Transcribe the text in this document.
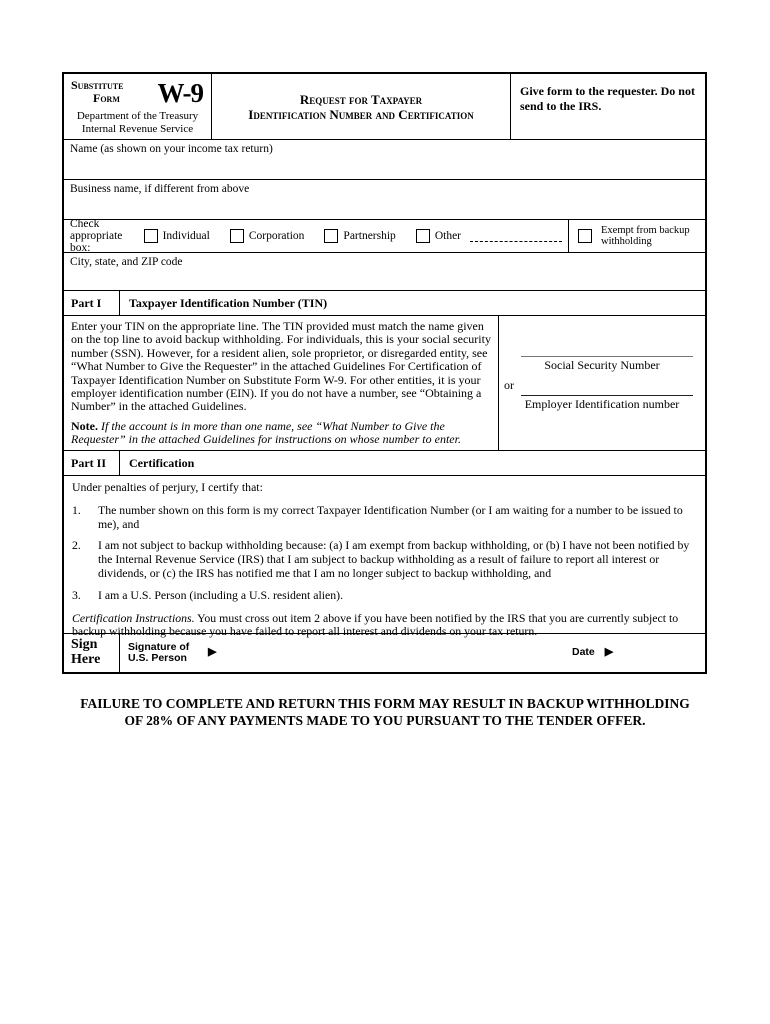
Substitute
Form	W-9
Department of the Treasury
Internal Revenue Service
Request for Taxpayer
Identification Number and Certification
Give form to the requester. Do not send to the IRS.
Name (as shown on your income tax return)
Business name, if different from above
Check appropriate box:
Individual	Corporation	Partnership	Other	Exempt from backup withholding
City, state, and ZIP code
Part I	Taxpayer Identification Number (TIN)
Enter your TIN on the appropriate line. The TIN provided must match the name given on the top line to avoid backup withholding. For individuals, this is your social security number (SSN). However, for a resident alien, sole proprietor, or disregarded entity, see “What Number to Give the Requester” in the attached Guidelines For Certification of Taxpayer Identification Number on Substitute Form W-9. For other entities, it is your employer identification number (EIN). If you do not have a number, see “Obtaining a Number” in the attached Guidelines.
Note. If the account is in more than one name, see “What Number to Give the Requester” in the attached Guidelines for instructions on whose number to enter.
Social Security Number
or
Employer Identification number
Part II	Certification
Under penalties of perjury, I certify that:
1.	The number shown on this form is my correct Taxpayer Identification Number (or I am waiting for a number to be issued to me), and
2.	I am not subject to backup withholding because: (a) I am exempt from backup withholding, or (b) I have not been notified by the Internal Revenue Service (IRS) that I am subject to backup withholding as a result of failure to report all interest or dividends, or (c) the IRS has notified me that I am no longer subject to backup withholding, and
3.	I am a U.S. Person (including a U.S. resident alien).
Certification Instructions. You must cross out item 2 above if you have been notified by the IRS that you are currently subject to backup withholding because you have failed to report all interest and dividends on your tax return.
Sign
Here
Signature of
U.S. Person	▶	Date ▶
FAILURE TO COMPLETE AND RETURN THIS FORM MAY RESULT IN BACKUP WITHHOLDING
OF 28% OF ANY PAYMENTS MADE TO YOU PURSUANT TO THE TENDER OFFER.
